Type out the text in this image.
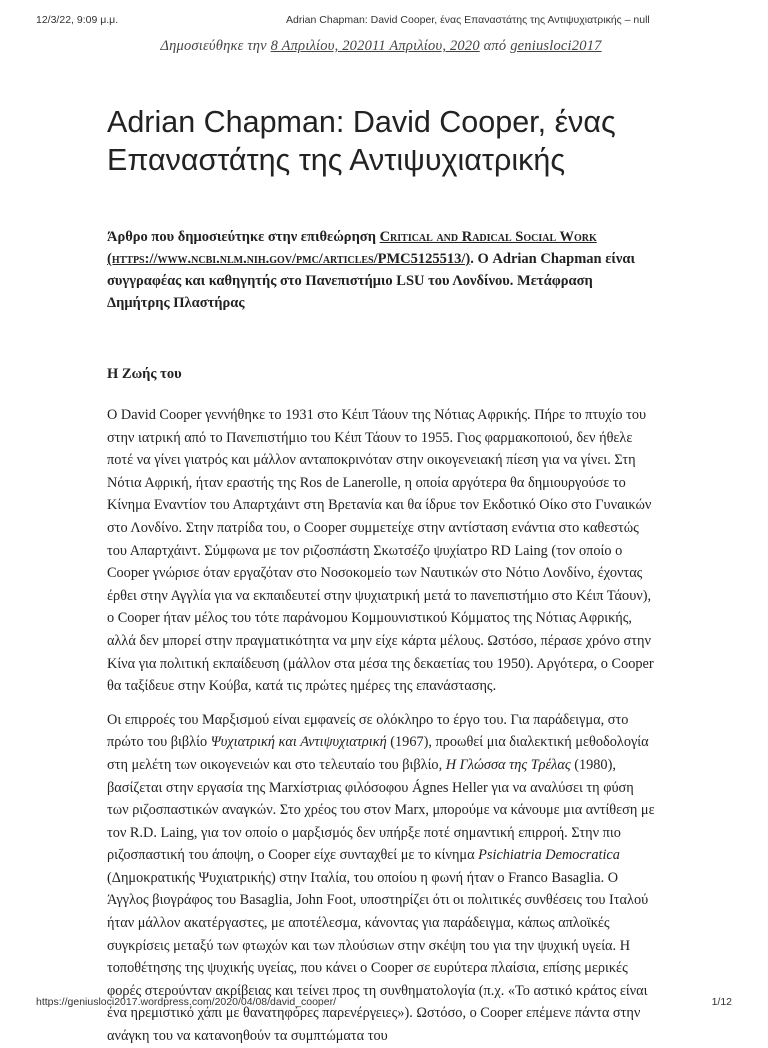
12/3/22, 9:09 μ.μ.	Adrian Chapman: David Cooper, ένας Επαναστάτης της Αντιψυχιατρικής – null

Δημοσιεύθηκε την 8 Απριλίου, 202011 Απριλίου, 2020 από geniusloci2017

Adrian Chapman: David Cooper, ένας Επαναστάτης της Αντιψυχιατρικής

Άρθρο που δημοσιεύτηκε στην επιθεώρηση Critical and Radical Social Work (https://www.ncbi.nlm.nih.gov/pmc/articles/PMC5125513/). Ο Adrian Chapman είναι συγγραφέας και καθηγητής στο Πανεπιστήμιο LSU του Λονδίνου. Μετάφραση Δημήτρης Πλαστήρας

Η Ζωής του

Ο David Cooper γεννήθηκε το 1931 στο Κέιπ Τάουν της Νότιας Αφρικής. Πήρε το πτυχίο του στην ιατρική από το Πανεπιστήμιο του Κέιπ Τάουν το 1955. Γιος φαρμακοποιού, δεν ήθελε ποτέ να γίνει γιατρός και μάλλον ανταποκρινόταν στην οικογενειακή πίεση για να γίνει. Στη Νότια Αφρική, ήταν εραστής της Ros de Lanerolle, η οποία αργότερα θα δημιουργούσε το Κίνημα Εναντίον του Απαρτχάιντ στη Βρετανία και θα ίδρυε τον Εκδοτικό Οίκο στο Γυναικών στο Λονδίνο. Στην πατρίδα του, ο Cooper συμμετείχε στην αντίσταση ενάντια στο καθεστώς του Απαρτχάιντ. Σύμφωνα με τον ριζοσπάστη Σκωτσέζο ψυχίατρο RD Laing (τον οποίο ο Cooper γνώρισε όταν εργαζόταν στο Νοσοκομείο των Ναυτικών στο Νότιο Λονδίνο, έχοντας έρθει στην Αγγλία για να εκπαιδευτεί στην ψυχιατρική μετά το πανεπιστήμιο στο Κέιπ Τάουν), ο Cooper ήταν μέλος του τότε παράνομου Κομμουνιστικού Κόμματος της Νότιας Αφρικής, αλλά δεν μπορεί στην πραγματικότητα να μην είχε κάρτα μέλους. Ωστόσο, πέρασε χρόνο στην Κίνα για πολιτική εκπαίδευση (μάλλον στα μέσα της δεκαετίας του 1950). Αργότερα, ο Cooper θα ταξίδευε στην Κούβα, κατά τις πρώτες ημέρες της επανάστασης.

Οι επιρροές του Μαρξισμού είναι εμφανείς σε ολόκληρο το έργο του. Για παράδειγμα, στο πρώτο του βιβλίο Ψυχιατρική και Αντιψυχιατρική (1967), προωθεί μια διαλεκτική μεθοδολογία στη μελέτη των οικογενειών και στο τελευταίο του βιβλίο, Η Γλώσσα της Τρέλας (1980), βασίζεται στην εργασία της Marxίστριας φιλόσοφου Ágnes Heller για να αναλύσει τη φύση των ριζοσπαστικών αναγκών. Στο χρέος του στον Marx, μπορούμε να κάνουμε μια αντίθεση με τον R.D. Laing, για τον οποίο ο μαρξισμός δεν υπήρξε ποτέ σημαντική επιρροή. Στην πιο ριζοσπαστική του άποψη, ο Cooper είχε συνταχθεί με το κίνημα Psichiatria Democratica (Δημοκρατικής Ψυχιατρικής) στην Ιταλία, του οποίου η φωνή ήταν ο Franco Basaglia. Ο Άγγλος βιογράφος του Basaglia, John Foot, υποστηρίζει ότι οι πολιτικές συνθέσεις του Ιταλού ήταν μάλλον ακατέργαστες, με αποτέλεσμα, κάνοντας για παράδειγμα, κάπως απλοϊκές συγκρίσεις μεταξύ των φτωχών και των πλούσιων στην σκέψη του για την ψυχική υγεία. Η τοποθέτησης της ψυχικής υγείας, που κάνει ο Cooper σε ευρύτερα πλαίσια, επίσης μερικές φορές στερούνταν ακρίβειας και τείνει προς τη συνθηματολογία (π.χ. «Το αστικό κράτος είναι ένα ηρεμιστικό χάπι με θανατηφόρες παρενέργειες»). Ωστόσο, ο Cooper επέμενε πάντα στην ανάγκη του να κατανοηθούν τα συμπτώματα του

https://geniusloci2017.wordpress.com/2020/04/08/david_cooper/	1/12
